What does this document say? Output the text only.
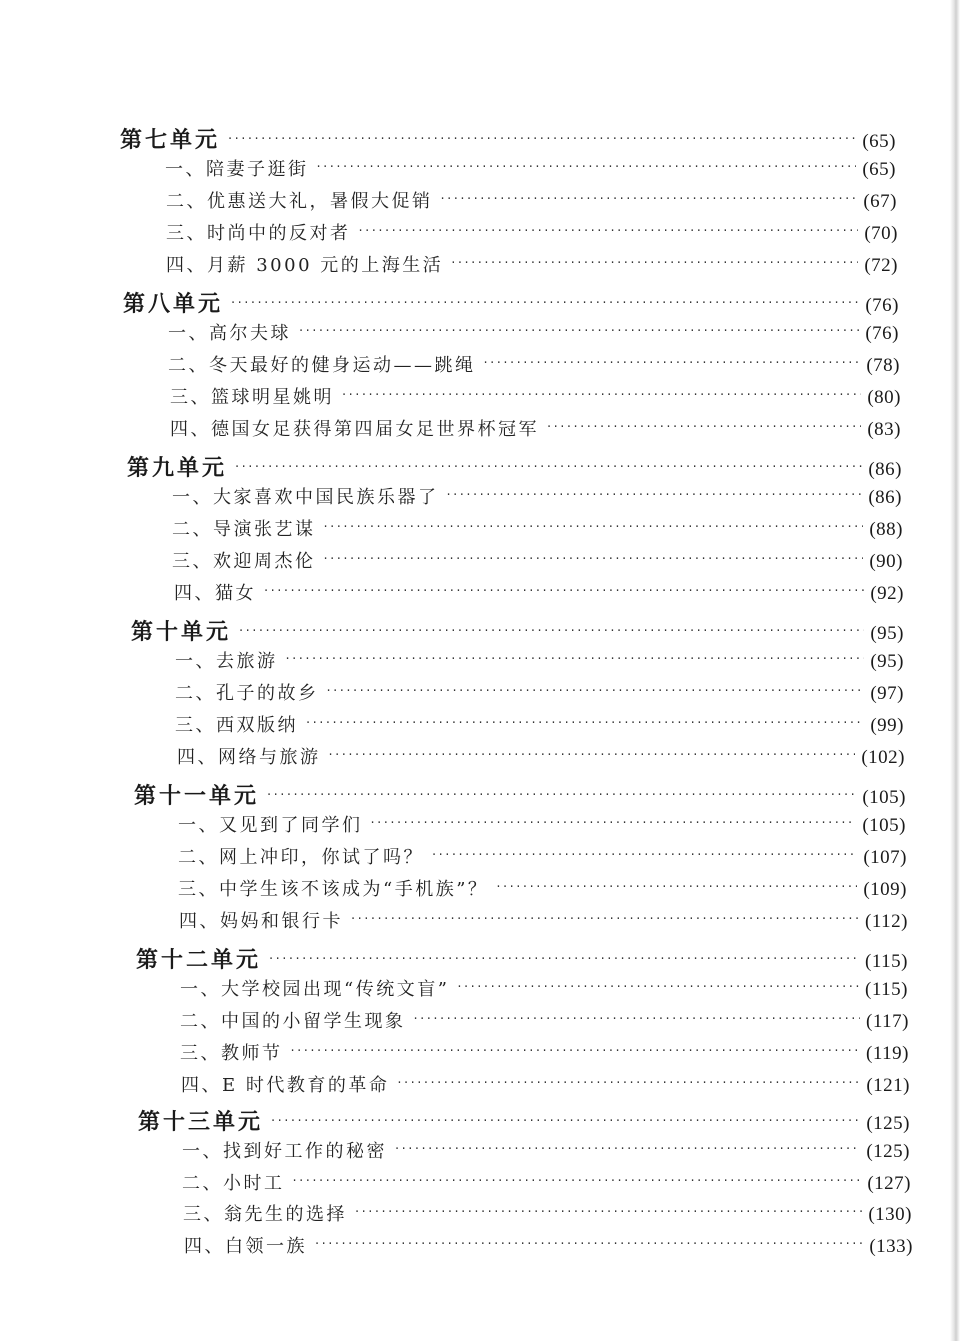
第七单元 ·····	(65)
一、陪妻子逛街 ·····	(65)
二、优惠送大礼，暑假大促销 ·····	(67)
三、时尚中的反对者 ·····	(70)
四、月薪 3000 元的上海生活 ·····	(72)
第八单元 ·····	(76)
一、高尔夫球 ·····	(76)
二、冬天最好的健身运动——跳绳 ·····	(78)
三、篮球明星姚明 ·····	(80)
四、德国女足获得第四届女足世界杯冠军 ·····	(83)
第九单元 ·····	(86)
一、大家喜欢中国民族乐器了 ·····	(86)
二、导演张艺谋 ·····	(88)
三、欢迎周杰伦 ·····	(90)
四、猫女 ·····	(92)
第十单元 ·····	(95)
一、去旅游 ·····	(95)
二、孔子的故乡 ·····	(97)
三、西双版纳 ·····	(99)
四、网络与旅游 ·····	(102)
第十一单元 ·····	(105)
一、又见到了同学们 ·····	(105)
二、网上冲印，你试了吗？ ·····	(107)
三、中学生该不该成为“手机族”？ ·····	(109)
四、妈妈和银行卡 ·····	(112)
第十二单元 ·····	(115)
一、大学校园出现“传统文盲” ·····	(115)
二、中国的小留学生现象 ·····	(117)
三、教师节 ·····	(119)
四、E 时代教育的革命 ·····	(121)
第十三单元 ·····	(125)
一、找到好工作的秘密 ·····	(125)
二、小时工 ·····	(127)
三、翁先生的选择 ·····	(130)
四、白领一族 ·····	(133)
